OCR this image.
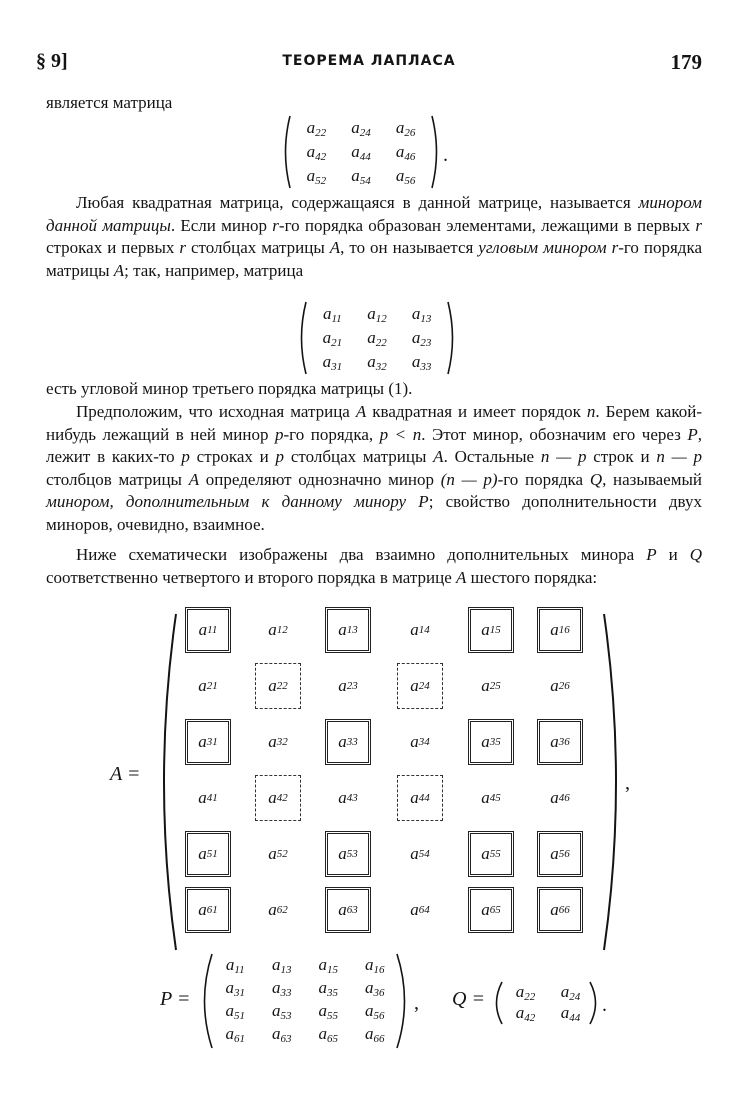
§ 9]	ТЕОРЕМА ЛАПЛАСА	179
является матрица
$a_{22}$	$a_{24}$	$a_{26}$
$a_{42}$	$a_{44}$	$a_{46}$
$a_{52}$	$a_{54}$	$a_{56}$
.
Любая квадратная матрица, содержащаяся в данной матрице, называется минором данной матрицы. Если минор r-го порядка образован элементами, лежащими в первых r строках и первых r столбцах матрицы A, то он называется угловым минором r-го порядка матрицы A; так, например, матрица
$a_{11}$	$a_{12}$	$a_{13}$
$a_{21}$	$a_{22}$	$a_{23}$
$a_{31}$	$a_{32}$	$a_{33}$
есть угловой минор третьего порядка матрицы (1).
Предположим, что исходная матрица A квадратная и имеет порядок n. Берем какой-нибудь лежащий в ней минор p-го порядка, p < n. Этот минор, обозначим его через P, лежит в каких-то p строках и p столбцах матрицы A. Остальные n — p строк и n — p столбцов матрицы A определяют однозначно минор (n — p)-го порядка Q, называемый минором, дополнительным к данному минору P; свойство дополнительности двух миноров, очевидно, взаимное.
Ниже схематически изображены два взаимно дополнительных минора P и Q соответственно четвертого и второго порядка в матрице A шестого порядка:
A =	,
a 11	a 12	a 13	a 14	a 15	a 16
a 21	a 22	a 23	a 24	a 25	a 26
a 31	a 32	a 33	a 34	a 35	a 36
a 41	a 42	a 43	a 44	a 45	a 46
a 51	a 52	a 53	a 54	a 55	a 56
a 61	a 62	a 63	a 64	a 65	a 66
P =
$a_{11}$	$a_{13}$	$a_{15}$	$a_{16}$
$a_{31}$	$a_{33}$	$a_{35}$	$a_{36}$
$a_{51}$	$a_{53}$	$a_{55}$	$a_{56}$
$a_{61}$	$a_{63}$	$a_{65}$	$a_{66}$
, $Q = a_{22}$	$a_{24}$
$a_{42}$	$a_{44}$
.
